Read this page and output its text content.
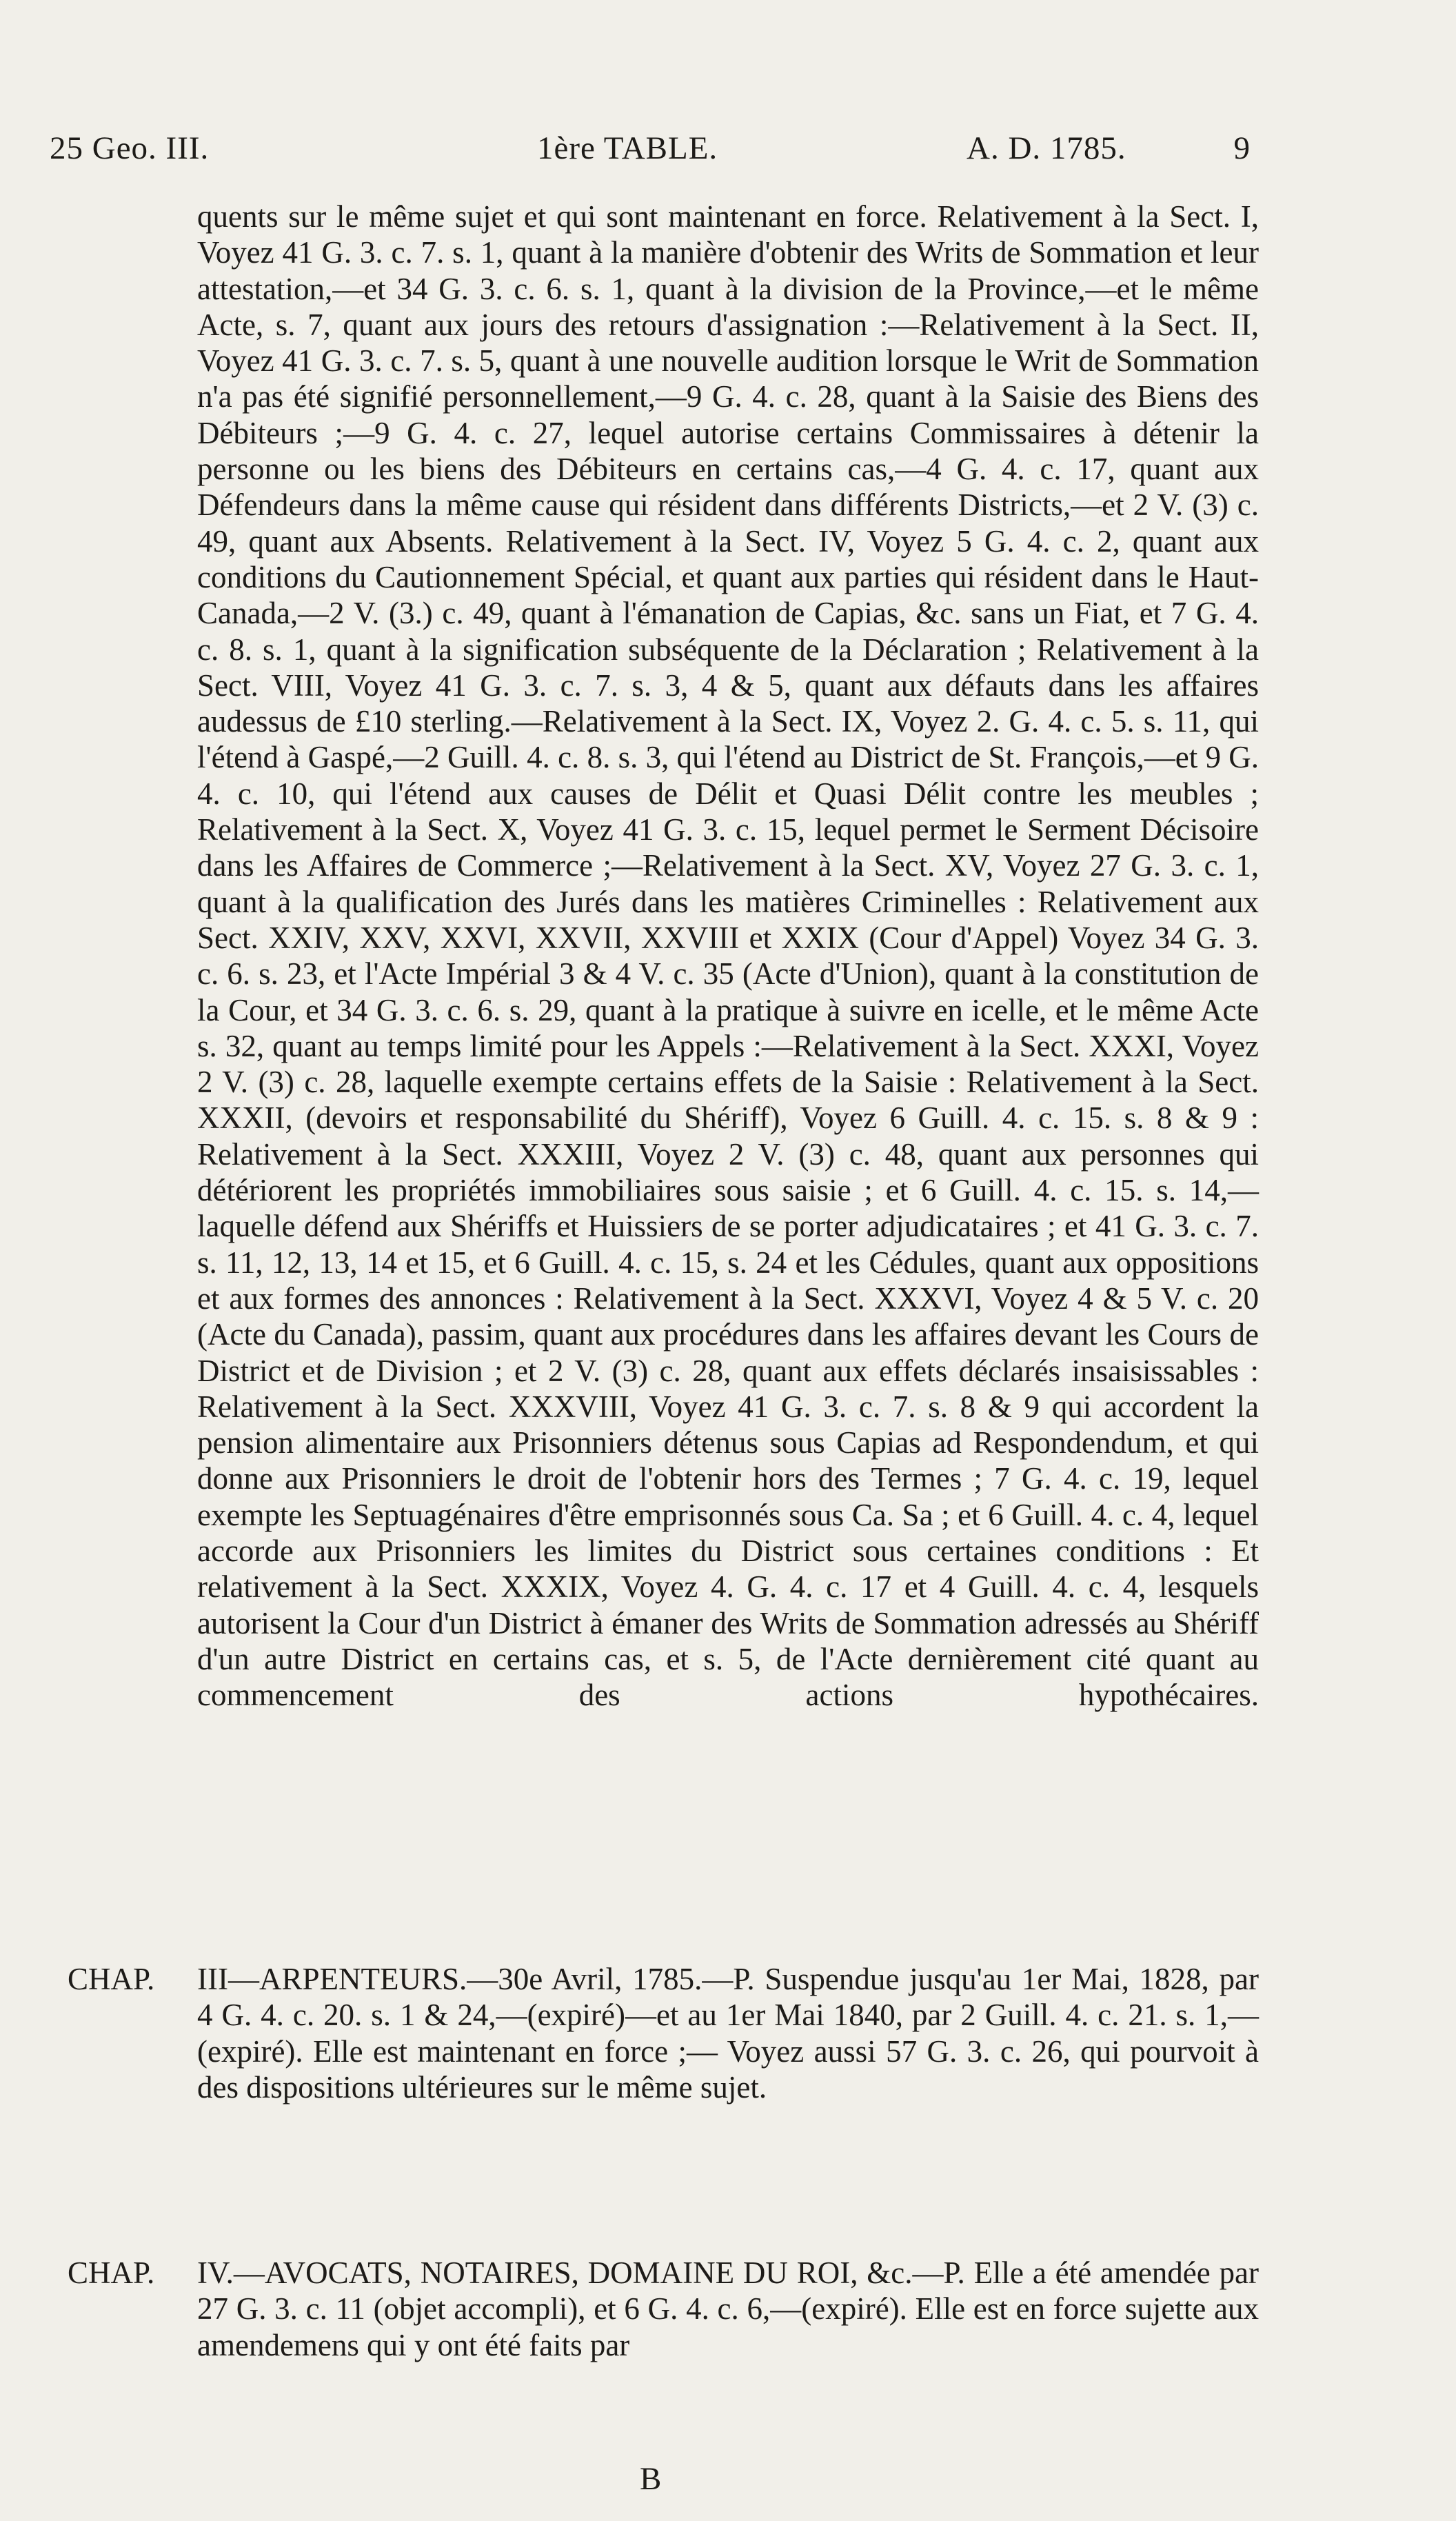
25 Geo. III.	1ère TABLE.	A. D. 1785.	9
quents sur le même sujet et qui sont maintenant en force. Relativement à la Sect. I, Voyez 41 G. 3. c. 7. s. 1, quant à la manière d'obtenir des Writs de Sommation et leur attestation,—et 34 G. 3. c. 6. s. 1, quant à la division de la Province,—et le même Acte, s. 7, quant aux jours des retours d'assignation :—Relativement à la Sect. II, Voyez 41 G. 3. c. 7. s. 5, quant à une nouvelle audition lorsque le Writ de Sommation n'a pas été signifié personnellement,—9 G. 4. c. 28, quant à la Saisie des Biens des Débiteurs ;—9 G. 4. c. 27, lequel autorise certains Commissaires à détenir la personne ou les biens des Débiteurs en certains cas,—4 G. 4. c. 17, quant aux Défendeurs dans la même cause qui résident dans différents Districts,—et 2 V. (3) c. 49, quant aux Absents. Relativement à la Sect. IV, Voyez 5 G. 4. c. 2, quant aux conditions du Cautionnement Spécial, et quant aux parties qui résident dans le Haut-Canada,—2 V. (3.) c. 49, quant à l'émanation de Capias, &c. sans un Fiat, et 7 G. 4. c. 8. s. 1, quant à la signification subséquente de la Déclaration ; Relativement à la Sect. VIII, Voyez 41 G. 3. c. 7. s. 3, 4 & 5, quant aux défauts dans les affaires audessus de £10 sterling.—Relativement à la Sect. IX, Voyez 2. G. 4. c. 5. s. 11, qui l'étend à Gaspé,—2 Guill. 4. c. 8. s. 3, qui l'étend au District de St. François,—et 9 G. 4. c. 10, qui l'étend aux causes de Délit et Quasi Délit contre les meubles ; Relativement à la Sect. X, Voyez 41 G. 3. c. 15, lequel permet le Serment Décisoire dans les Affaires de Commerce ;—Relativement à la Sect. XV, Voyez 27 G. 3. c. 1, quant à la qualification des Jurés dans les matières Criminelles : Relativement aux Sect. XXIV, XXV, XXVI, XXVII, XXVIII et XXIX (Cour d'Appel) Voyez 34 G. 3. c. 6. s. 23, et l'Acte Impérial 3 & 4 V. c. 35 (Acte d'Union), quant à la constitution de la Cour, et 34 G. 3. c. 6. s. 29, quant à la pratique à suivre en icelle, et le même Acte s. 32, quant au temps limité pour les Appels :—Relativement à la Sect. XXXI, Voyez 2 V. (3) c. 28, laquelle exempte certains effets de la Saisie : Relativement à la Sect. XXXII, (devoirs et responsabilité du Shériff), Voyez 6 Guill. 4. c. 15. s. 8 & 9 : Relativement à la Sect. XXXIII, Voyez 2 V. (3) c. 48, quant aux personnes qui détériorent les propriétés immobiliaires sous saisie ; et 6 Guill. 4. c. 15. s. 14,—laquelle défend aux Shériffs et Huissiers de se porter adjudicataires ; et 41 G. 3. c. 7. s. 11, 12, 13, 14 et 15, et 6 Guill. 4. c. 15, s. 24 et les Cédules, quant aux oppositions et aux formes des annonces : Relativement à la Sect. XXXVI, Voyez 4 & 5 V. c. 20 (Acte du Canada), passim, quant aux procédures dans les affaires devant les Cours de District et de Division ; et 2 V. (3) c. 28, quant aux effets déclarés insaisissables : Relativement à la Sect. XXXVIII, Voyez 41 G. 3. c. 7. s. 8 & 9 qui accordent la pension alimentaire aux Prisonniers détenus sous Capias ad Respondendum, et qui donne aux Prisonniers le droit de l'obtenir hors des Termes ; 7 G. 4. c. 19, lequel exempte les Septuagénaires d'être emprisonnés sous Ca. Sa ; et 6 Guill. 4. c. 4, lequel accorde aux Prisonniers les limites du District sous certaines conditions : Et relativement à la Sect. XXXIX, Voyez 4. G. 4. c. 17 et 4 Guill. 4. c. 4, lesquels autorisent la Cour d'un District à émaner des Writs de Sommation adressés au Shériff d'un autre District en certains cas, et s. 5, de l'Acte dernièrement cité quant au commencement des actions hypothécaires.
CHAP. III—ARPENTEURS.—30e Avril, 1785.—P. Suspendue jusqu'au 1er Mai, 1828, par 4 G. 4. c. 20. s. 1 & 24,—(expiré)—et au 1er Mai 1840, par 2 Guill. 4. c. 21. s. 1,—(expiré). Elle est maintenant en force ;— Voyez aussi 57 G. 3. c. 26, qui pourvoit à des dispositions ultérieures sur le même sujet.
CHAP. IV.—AVOCATS, NOTAIRES, DOMAINE DU ROI, &c.—P. Elle a été amendée par 27 G. 3. c. 11 (objet accompli), et 6 G. 4. c. 6,—(expiré). Elle est en force sujette aux amendemens qui y ont été faits par
B
